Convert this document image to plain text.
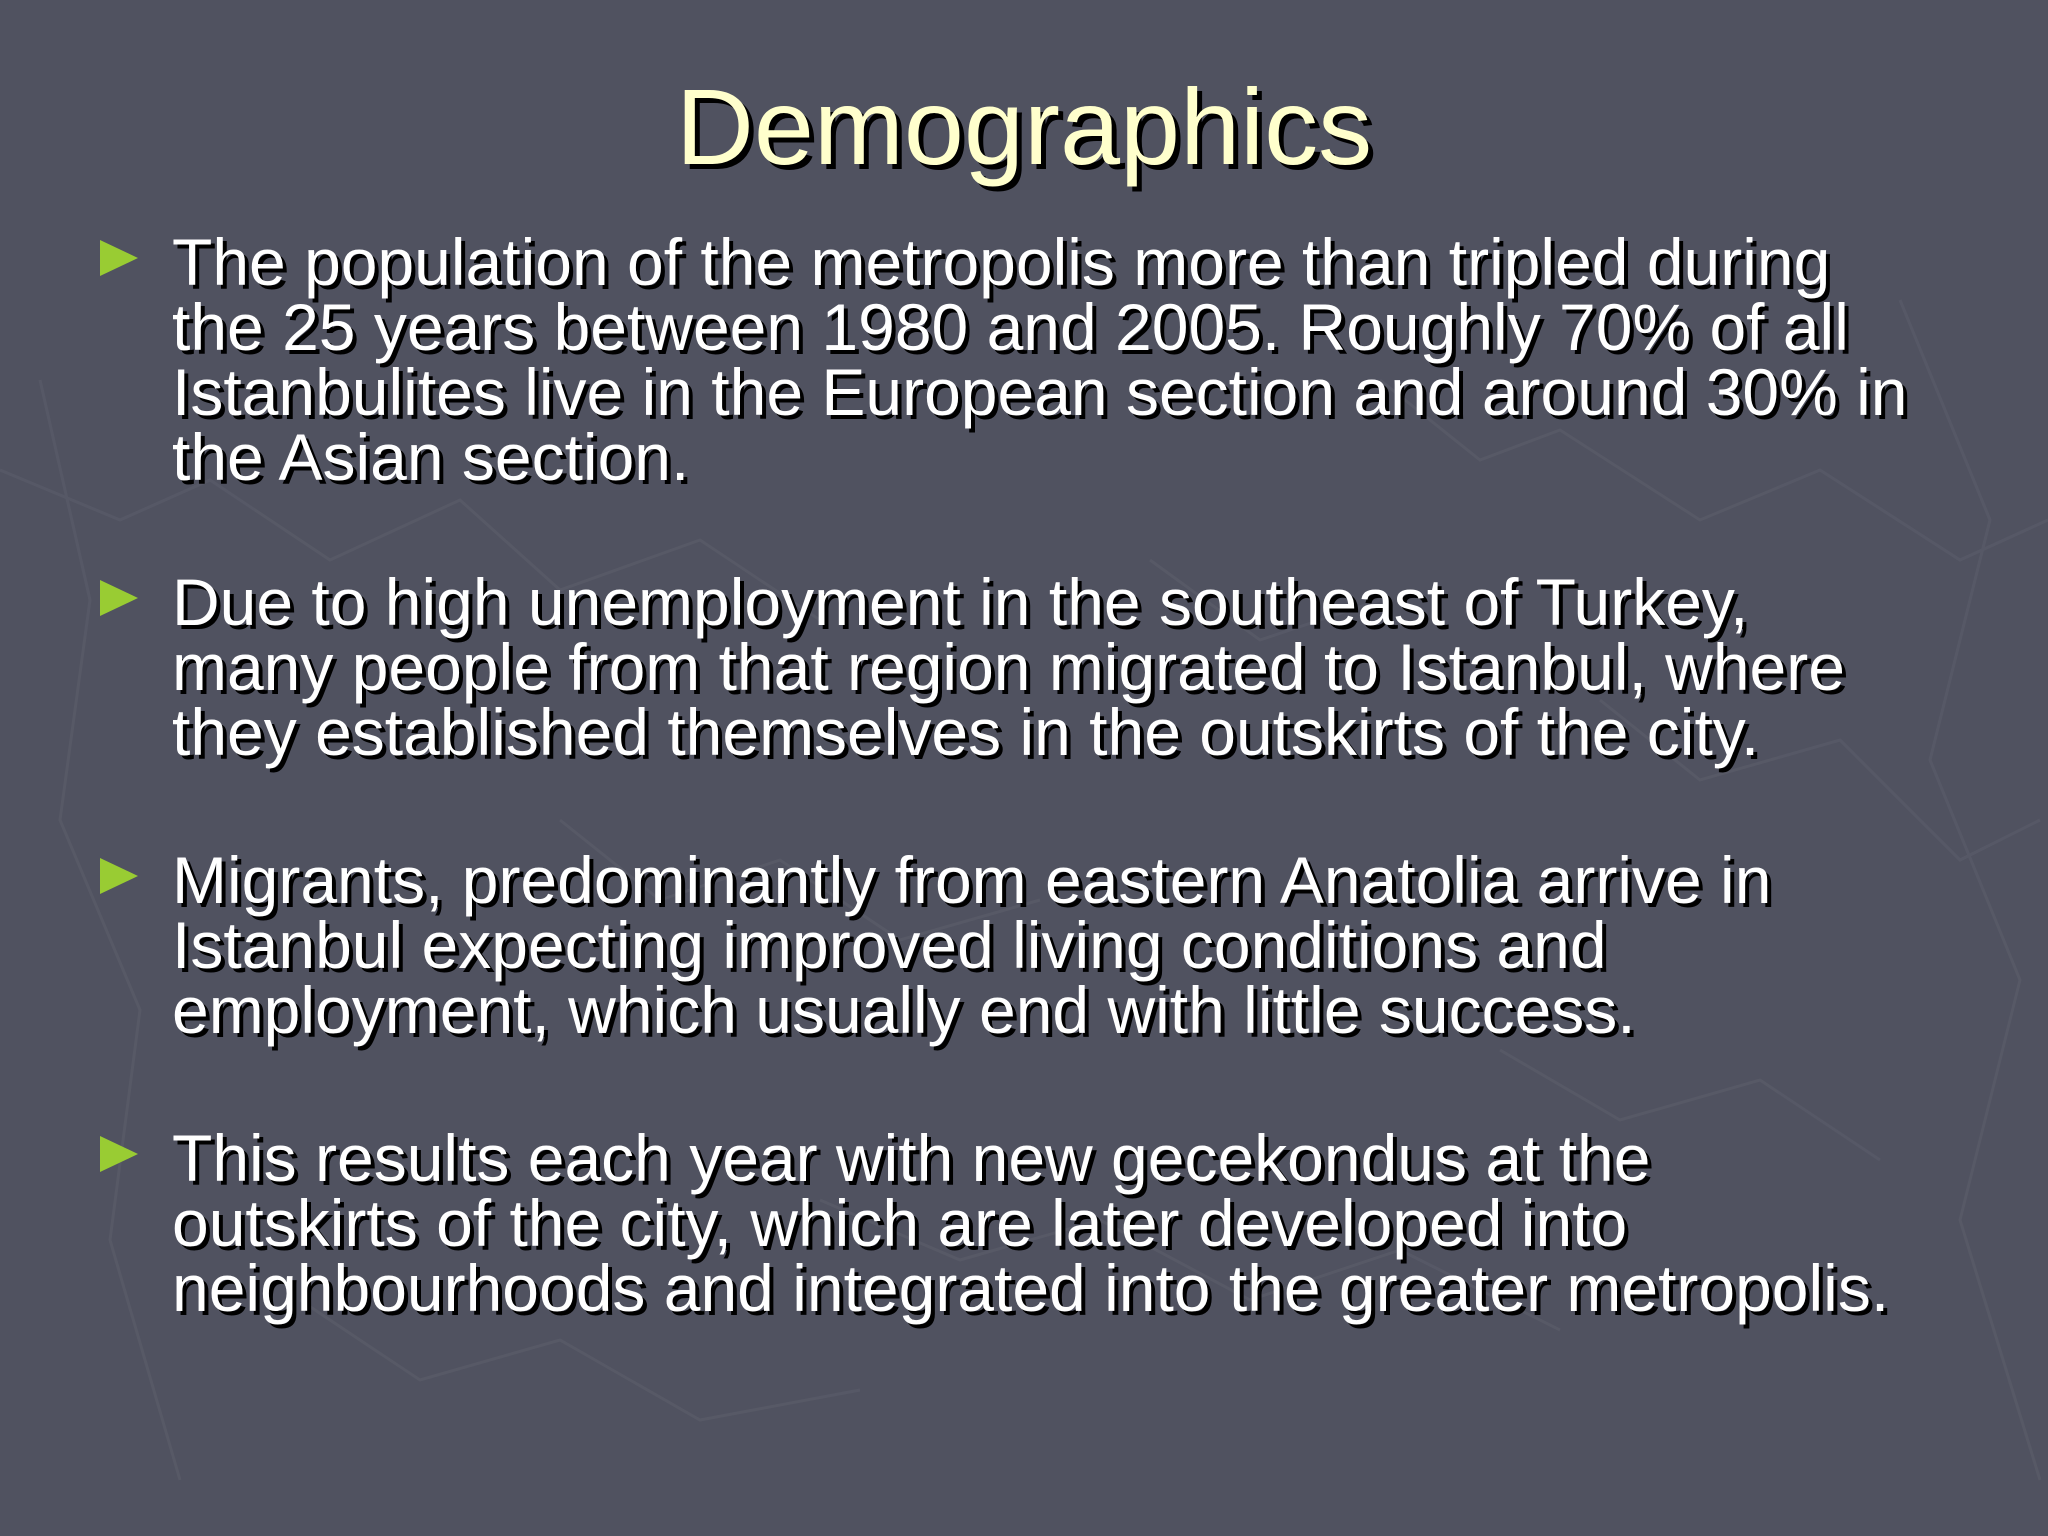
Demographics

The population of the metropolis more than tripled during
the 25 years between 1980 and 2005. Roughly 70% of all
Istanbulites live in the European section and around 30% in
the Asian section.

Due to high unemployment in the southeast of Turkey,
many people from that region migrated to Istanbul, where
they established themselves in the outskirts of the city.

Migrants, predominantly from eastern Anatolia arrive in
Istanbul expecting improved living conditions and
employment, which usually end with little success.

This results each year with new gecekondus at the
outskirts of the city, which are later developed into
neighbourhoods and integrated into the greater metropolis.
